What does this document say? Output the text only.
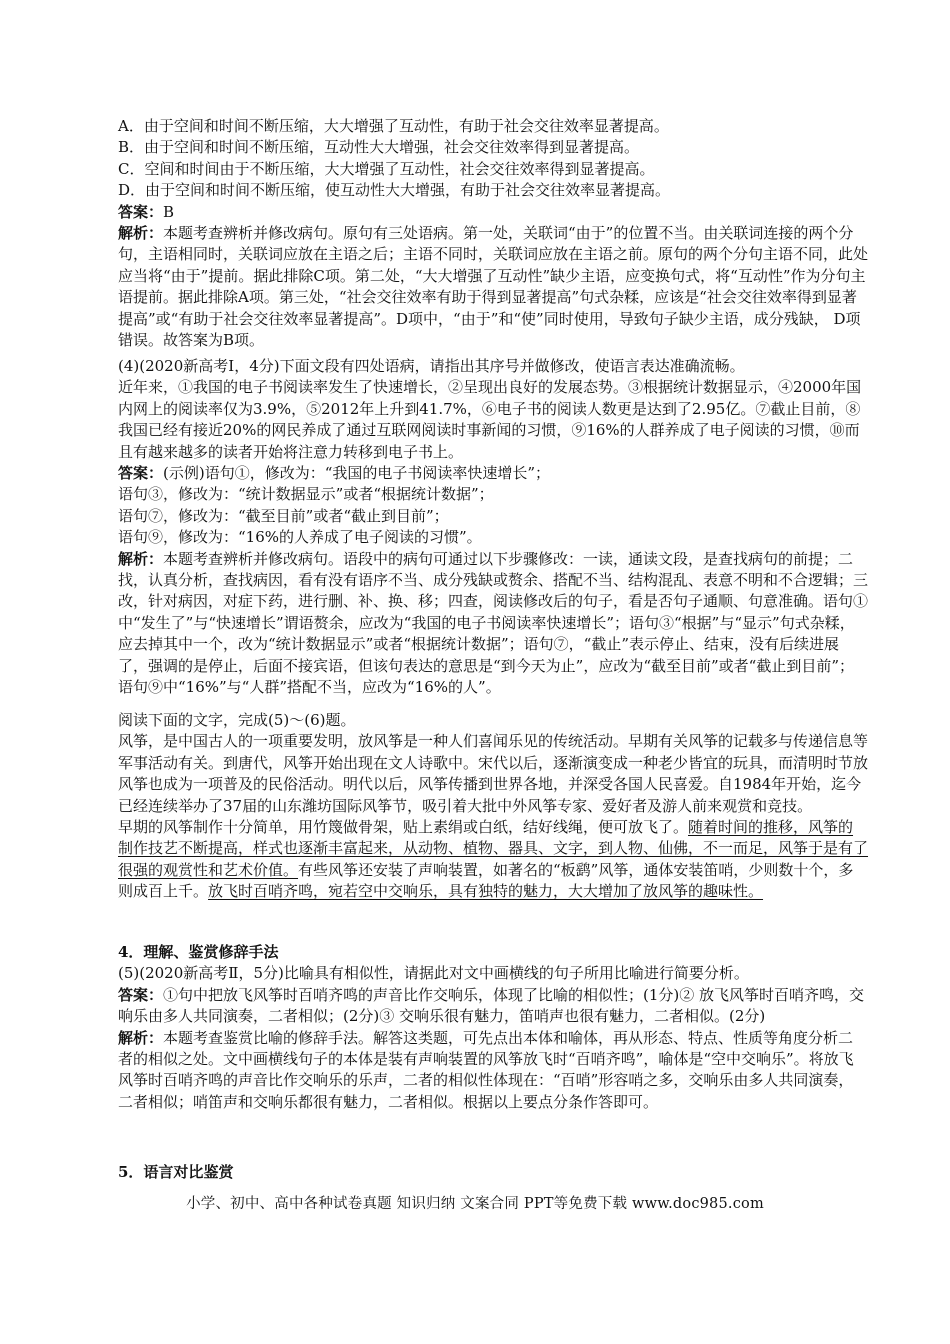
A．由于空间和时间不断压缩，大大增强了互动性，有助于社会交往效率显著提高。

B．由于空间和时间不断压缩，互动性大大增强，社会交往效率得到显著提高。

C．空间和时间由于不断压缩，大大增强了互动性，社会交往效率得到显著提高。

D．由于空间和时间不断压缩，使互动性大大增强，有助于社会交往效率显著提高。

答案：B

解析：本题考查辨析并修改病句。原句有三处语病。第一处，关联词“由于”的位置不当。由关联词连接的两个分句，主语相同时，关联词应放在主语之后；主语不同时，关联词应放在主语之前。原句的两个分句主语不同，此处应当将“由于”提前。据此排除C项。第二处，“大大增强了互动性”缺少主语，应变换句式，将“互动性”作为分句主语提前。据此排除A项。第三处，“社会交往效率有助于得到显著提高”句式杂糅，应该是“社会交往效率得到显著提高”或“有助于社会交往效率显著提高”。D项中，“由于”和“使”同时使用，导致句子缺少主语，成分残缺， D项错误。故答案为B项。

(4)(2020新高考Ⅰ，4分)下面文段有四处语病，请指出其序号并做修改，使语言表达准确流畅。

近年来，①我国的电子书阅读率发生了快速增长，②呈现出良好的发展态势。③根据统计数据显示，④2000年国内网上的阅读率仅为3.9%，⑤2012年上升到41.7%，⑥电子书的阅读人数更是达到了2.95亿。⑦截止目前，⑧我国已经有接近20%的网民养成了通过互联网阅读时事新闻的习惯，⑨16%的人群养成了电子阅读的习惯，⑩而且有越来越多的读者开始将注意力转移到电子书上。

答案：(示例)语句①，修改为：“我国的电子书阅读率快速增长”；

语句③，修改为：“统计数据显示”或者“根据统计数据”；

语句⑦，修改为：“截至目前”或者“截止到目前”；

语句⑨，修改为：“16%的人养成了电子阅读的习惯”。

解析：本题考查辨析并修改病句。语段中的病句可通过以下步骤修改：一读，通读文段，是查找病句的前提；二找，认真分析，查找病因，看有没有语序不当、成分残缺或赘余、搭配不当、结构混乱、表意不明和不合逻辑；三改，针对病因，对症下药，进行删、补、换、移；四查，阅读修改后的句子，看是否句子通顺、句意准确。语句①中“发生了”与“快速增长”谓语赘余，应改为“我国的电子书阅读率快速增长”；语句③“根据”与“显示”句式杂糅，应去掉其中一个，改为“统计数据显示”或者“根据统计数据”；语句⑦，“截止”表示停止、结束，没有后续进展了，强调的是停止，后面不接宾语，但该句表达的意思是“到今天为止”，应改为“截至目前”或者“截止到目前”；语句⑨中“16%”与“人群”搭配不当，应改为“16%的人”。

阅读下面的文字，完成(5)～(6)题。

风筝，是中国古人的一项重要发明，放风筝是一种人们喜闻乐见的传统活动。早期有关风筝的记载多与传递信息等军事活动有关。到唐代，风筝开始出现在文人诗歌中。宋代以后，逐渐演变成一种老少皆宜的玩具，而清明时节放风筝也成为一项普及的民俗活动。明代以后，风筝传播到世界各地，并深受各国人民喜爱。自1984年开始，迄今已经连续举办了37届的山东潍坊国际风筝节，吸引着大批中外风筝专家、爱好者及游人前来观赏和竞技。

早期的风筝制作十分简单，用竹篾做骨架，贴上素绢或白纸，结好线绳，便可放飞了。随着时间的推移，风筝的制作技艺不断提高，样式也逐渐丰富起来，从动物、植物、器具、文字，到人物、仙佛，不一而足，风筝于是有了很强的观赏性和艺术价值。有些风筝还安装了声响装置，如著名的“板鹞”风筝，通体安装笛哨，少则数十个，多则成百上千。放飞时百哨齐鸣，宛若空中交响乐，具有独特的魅力，大大增加了放风筝的趣味性。

4．理解、鉴赏修辞手法

(5)(2020新高考Ⅱ，5分)比喻具有相似性，请据此对文中画横线的句子所用比喻进行简要分析。

答案：①句中把放飞风筝时百哨齐鸣的声音比作交响乐，体现了比喻的相似性；(1分)② 放飞风筝时百哨齐鸣，交响乐由多人共同演奏，二者相似；(2分)③ 交响乐很有魅力，笛哨声也很有魅力，二者相似。(2分)

解析：本题考查鉴赏比喻的修辞手法。解答这类题，可先点出本体和喻体，再从形态、特点、性质等角度分析二者的相似之处。文中画横线句子的本体是装有声响装置的风筝放飞时“百哨齐鸣”，喻体是“空中交响乐”。将放飞风筝时百哨齐鸣的声音比作交响乐的乐声，二者的相似性体现在：“百哨”形容哨之多，交响乐由多人共同演奏，二者相似；哨笛声和交响乐都很有魅力，二者相似。根据以上要点分条作答即可。

5．语言对比鉴赏

小学、初中、高中各种试卷真题 知识归纳 文案合同 PPT等免费下载 www.doc985.com
